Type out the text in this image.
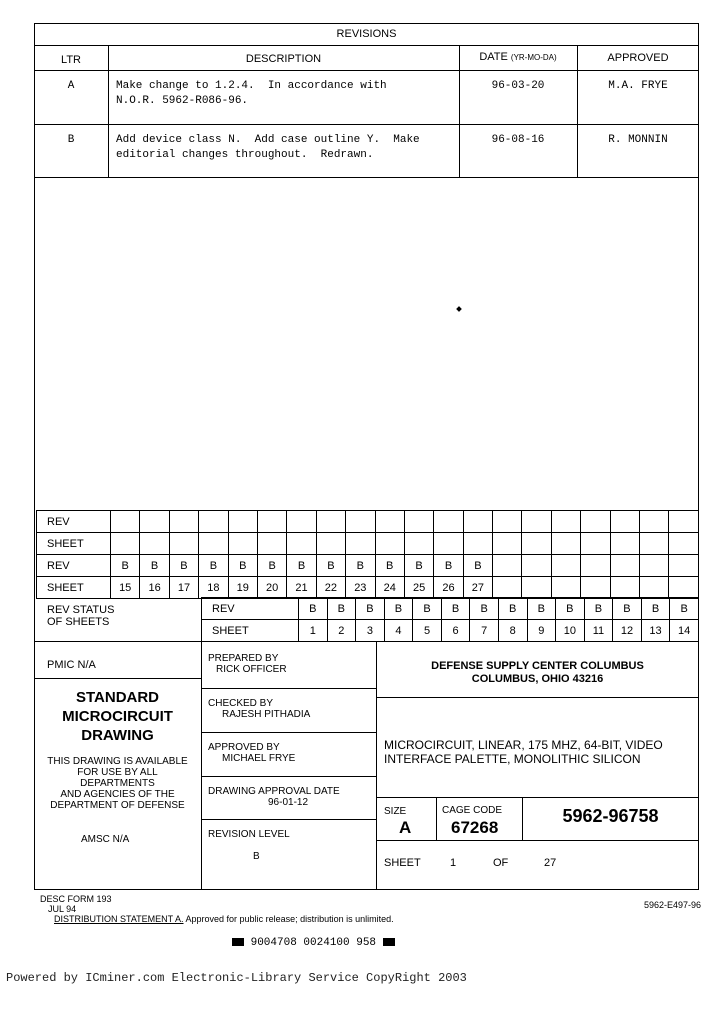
REVISIONS
LTR	DESCRIPTION	DATE (YR-MO-DA)	APPROVED
A	Make change to 1.2.4.  In accordance with
N.O.R. 5962-R086-96.
96-03-20	M.A. FRYE
B	Add device class N.  Add case outline Y.  Make
editorial changes throughout.  Redrawn.
96-08-16	R. MONNIN
REV																				
SHEET																				
REV	B	B	B	B	B	B	B	B	B	B	B	B	B							
SHEET	15	16	17	18	19	20	21	22	23	24	25	26	27							
REV STATUS
OF SHEETS
REV	B	B	B	B	B	B	B	B	B	B	B	B	B	B
SHEET	1	2	3	4	5	6	7	8	9	10	11	12	13	14
PMIC N/A
STANDARD
MICROCIRCUIT
DRAWING
THIS DRAWING IS AVAILABLE
FOR USE BY ALL
DEPARTMENTS
AND AGENCIES OF THE
DEPARTMENT OF DEFENSE
AMSC N/A
PREPARED BY
RICK OFFICER
CHECKED BY
RAJESH PITHADIA
APPROVED BY
MICHAEL FRYE
DRAWING APPROVAL DATE
96-01-12
REVISION LEVEL
B
DEFENSE SUPPLY CENTER COLUMBUS
COLUMBUS, OHIO 43216
MICROCIRCUIT, LINEAR, 175 MHZ, 64-BIT, VIDEO
INTERFACE PALETTE, MONOLITHIC SILICON
SIZE
A
CAGE CODE
67268
5962-96758
SHEET	1	OF	27
DESC FORM 193
JUL 94	5962-E497-96
DISTRIBUTION STATEMENT A. Approved for public release; distribution is unlimited.
9004708 0024100 958
Powered by ICminer.com Electronic-Library Service CopyRight 2003
